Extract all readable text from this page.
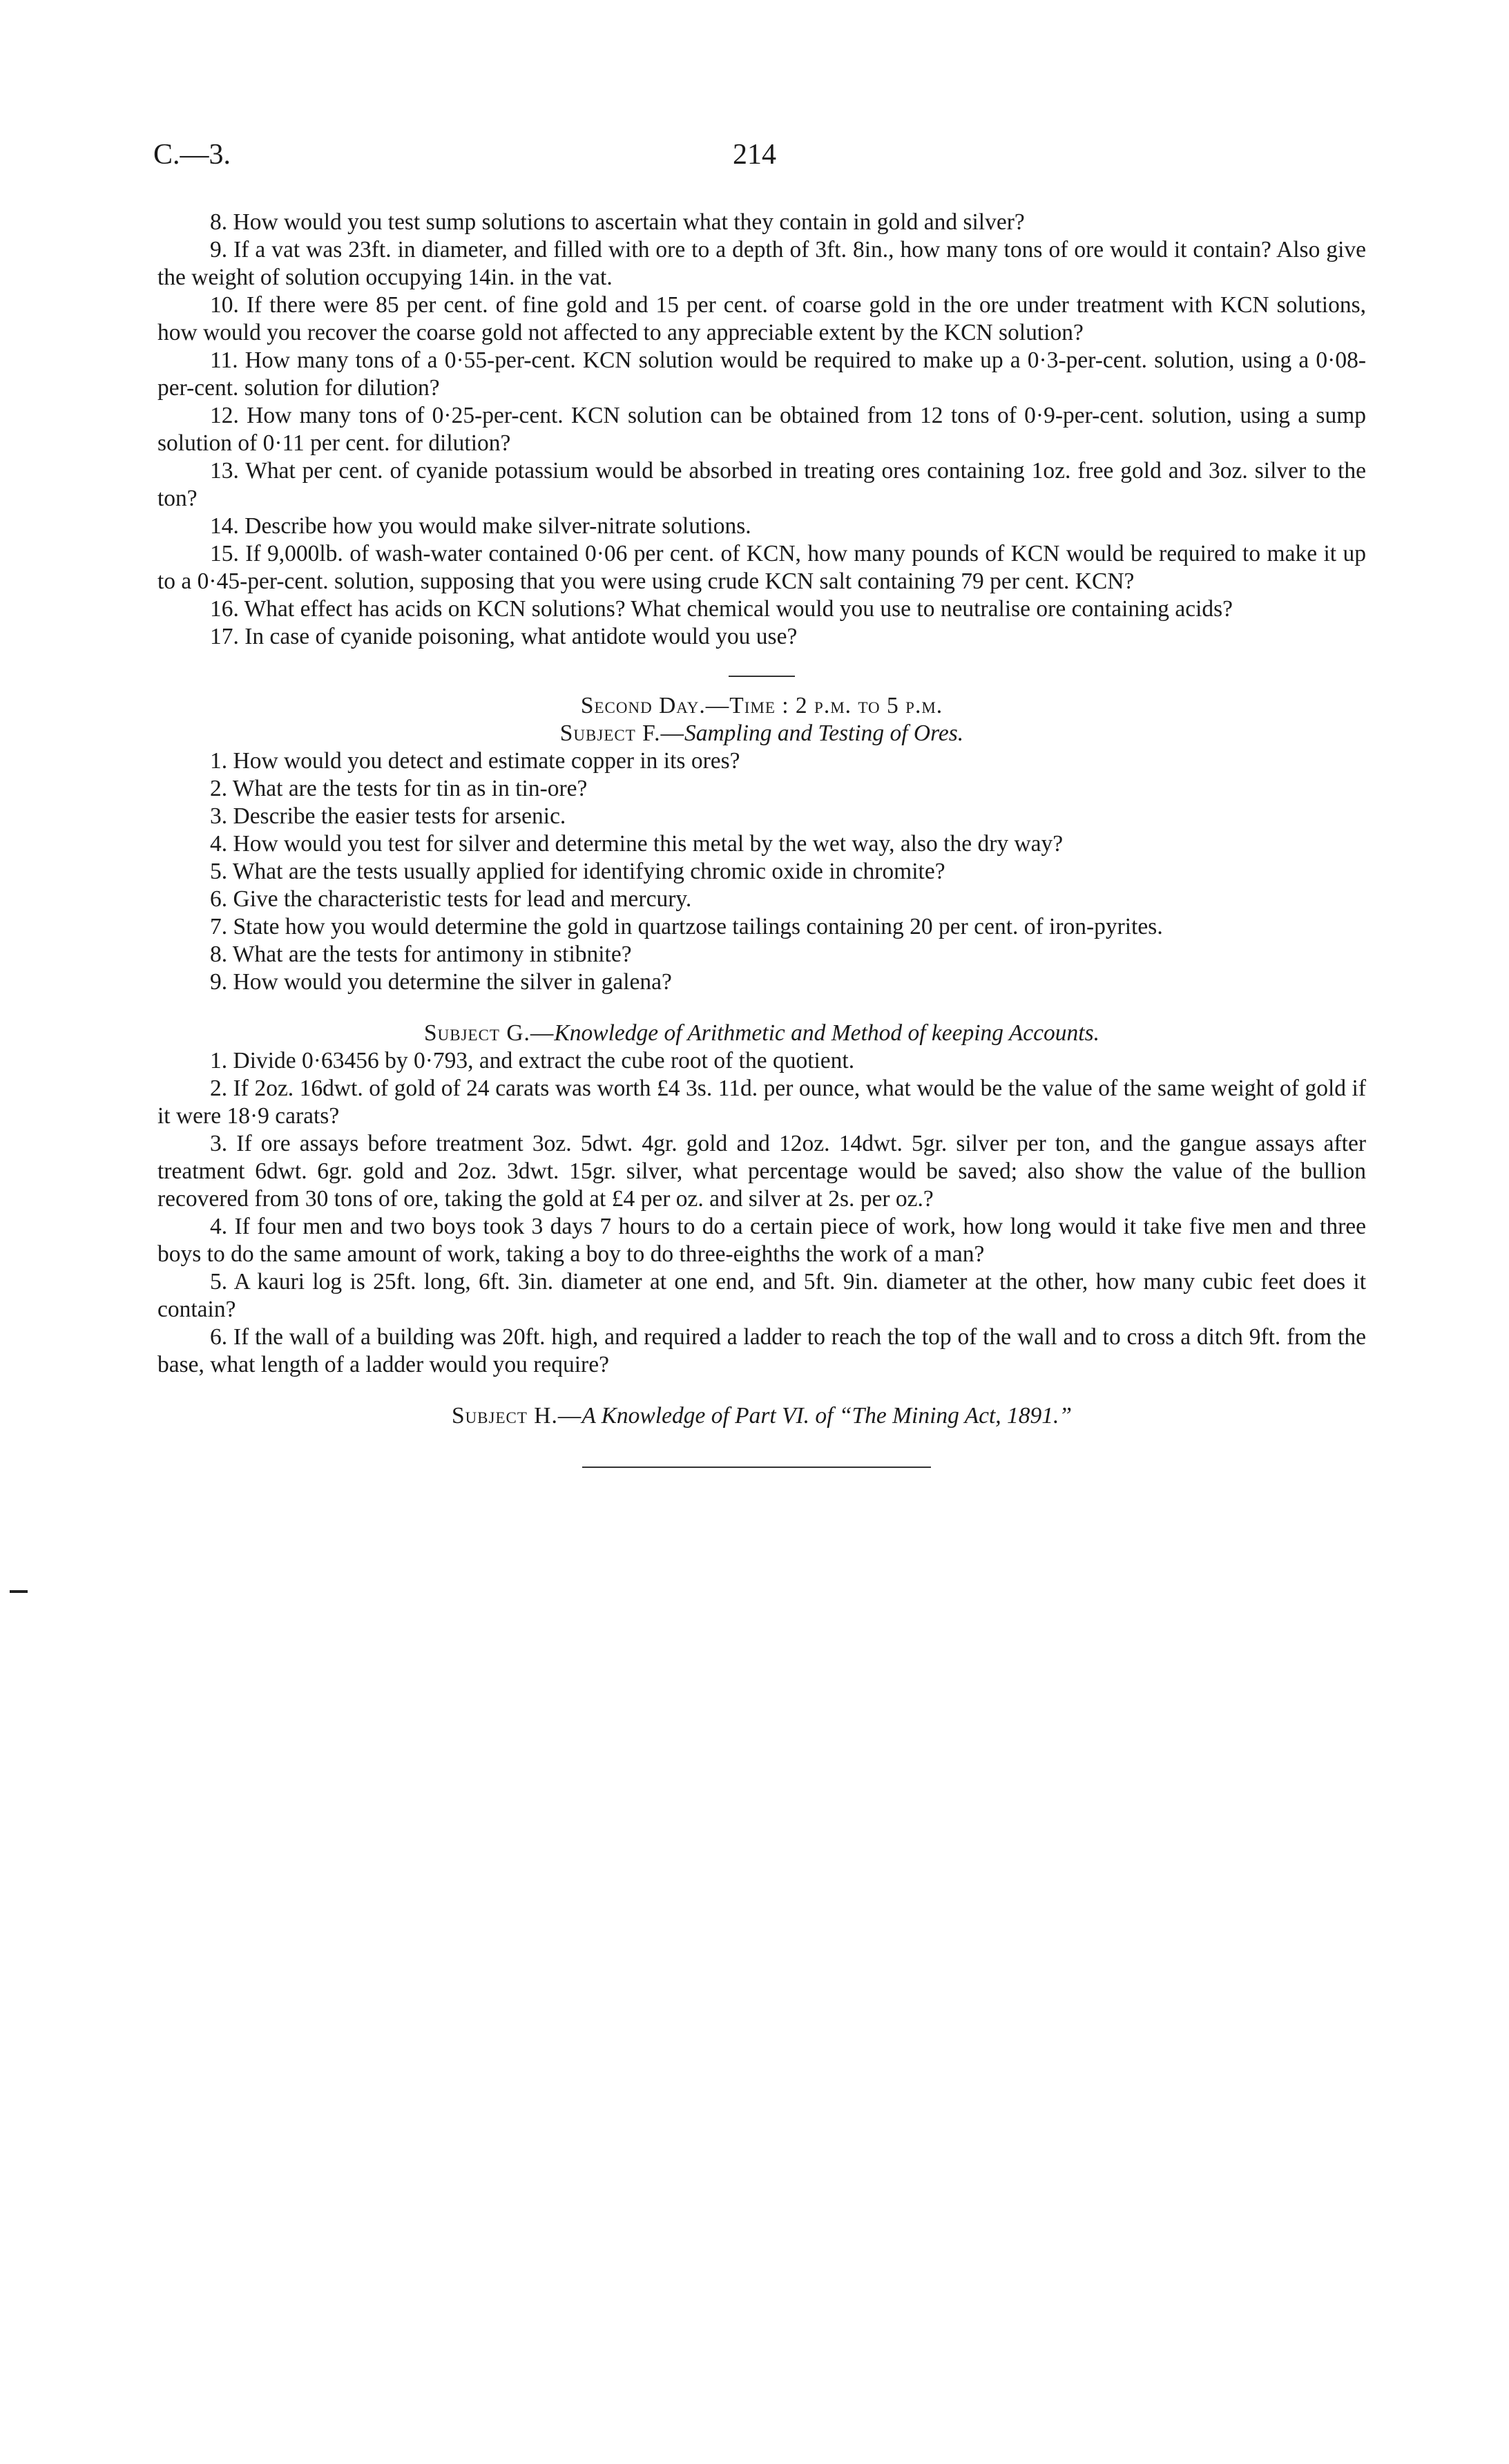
C.—3.	214

8. How would you test sump solutions to ascertain what they contain in gold and silver?

9. If a vat was 23ft. in diameter, and filled with ore to a depth of 3ft. 8in., how many tons of ore would it contain? Also give the weight of solution occupying 14in. in the vat.

10. If there were 85 per cent. of fine gold and 15 per cent. of coarse gold in the ore under treatment with KCN solutions, how would you recover the coarse gold not affected to any appreciable extent by the KCN solution?

11. How many tons of a 0·55-per-cent. KCN solution would be required to make up a 0·3-per-cent. solution, using a 0·08-per-cent. solution for dilution?

12. How many tons of 0·25-per-cent. KCN solution can be obtained from 12 tons of 0·9-per-cent. solution, using a sump solution of 0·11 per cent. for dilution?

13. What per cent. of cyanide potassium would be absorbed in treating ores containing 1oz. free gold and 3oz. silver to the ton?

14. Describe how you would make silver-nitrate solutions.

15. If 9,000lb. of wash-water contained 0·06 per cent. of KCN, how many pounds of KCN would be required to make it up to a 0·45-per-cent. solution, supposing that you were using crude KCN salt containing 79 per cent. KCN?

16. What effect has acids on KCN solutions? What chemical would you use to neutralise ore containing acids?

17. In case of cyanide poisoning, what antidote would you use?

Second Day.—Time : 2 p.m. to 5 p.m.

Subject F.—Sampling and Testing of Ores.

1. How would you detect and estimate copper in its ores?

2. What are the tests for tin as in tin-ore?

3. Describe the easier tests for arsenic.

4. How would you test for silver and determine this metal by the wet way, also the dry way?

5. What are the tests usually applied for identifying chromic oxide in chromite?

6. Give the characteristic tests for lead and mercury.

7. State how you would determine the gold in quartzose tailings containing 20 per cent. of iron-pyrites.

8. What are the tests for antimony in stibnite?

9. How would you determine the silver in galena?

Subject G.—Knowledge of Arithmetic and Method of keeping Accounts.

1. Divide 0·63456 by 0·793, and extract the cube root of the quotient.

2. If 2oz. 16dwt. of gold of 24 carats was worth £4 3s. 11d. per ounce, what would be the value of the same weight of gold if it were 18·9 carats?

3. If ore assays before treatment 3oz. 5dwt. 4gr. gold and 12oz. 14dwt. 5gr. silver per ton, and the gangue assays after treatment 6dwt. 6gr. gold and 2oz. 3dwt. 15gr. silver, what percentage would be saved; also show the value of the bullion recovered from 30 tons of ore, taking the gold at £4 per oz. and silver at 2s. per oz.?

4. If four men and two boys took 3 days 7 hours to do a certain piece of work, how long would it take five men and three boys to do the same amount of work, taking a boy to do three-eighths the work of a man?

5. A kauri log is 25ft. long, 6ft. 3in. diameter at one end, and 5ft. 9in. diameter at the other, how many cubic feet does it contain?

6. If the wall of a building was 20ft. high, and required a ladder to reach the top of the wall and to cross a ditch 9ft. from the base, what length of a ladder would you require?

Subject H.—A Knowledge of Part VI. of “The Mining Act, 1891.”
